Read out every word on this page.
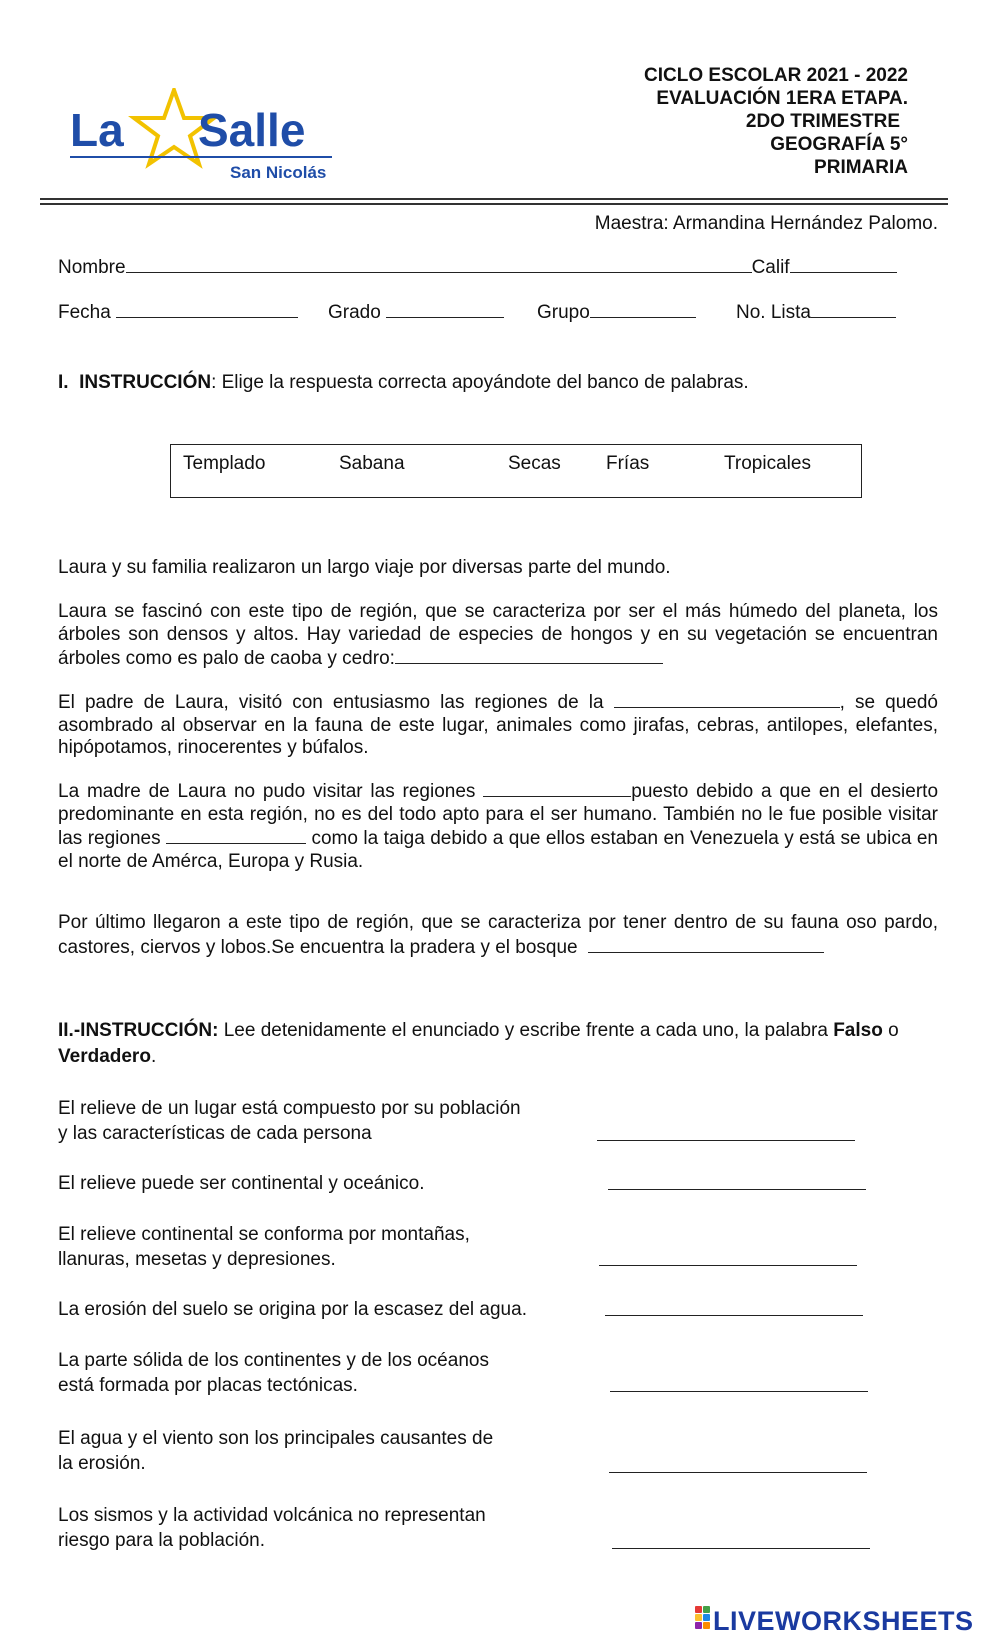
La Salle
San Nicolás
CICLO ESCOLAR 2021 - 2022
EVALUACIÓN 1ERA ETAPA.
2DO TRIMESTRE
GEOGRAFÍA 5°
PRIMARIA
Maestra: Armandina Hernández Palomo.
Nombre	Calif
Fecha	Grado	Grupo	No. Lista
I. INSTRUCCIÓN: Elige la respuesta correcta apoyándote del banco de palabras.
Templado	Sabana	Secas Frías	Tropicales
Laura y su familia realizaron un largo viaje por diversas parte del mundo.
Laura se fascinó con este tipo de región, que se caracteriza por ser el más húmedo del planeta, los árboles son densos y altos. Hay variedad de especies de hongos y en su vegetación se encuentran árboles como es palo de caoba y cedro:
El padre de Laura, visitó con entusiasmo las regiones de la	, se quedó asombrado al observar en la fauna de este lugar, animales como jirafas, cebras, antilopes, elefantes, hipópotamos, rinocerentes y búfalos.
La madre de Laura no pudo visitar las regiones	puesto debido a que en el desierto predominante en esta región, no es del todo apto para el ser humano. También no le fue posible visitar las regiones	como la taiga debido a que ellos estaban en Venezuela y está se ubica en el norte de Amérca, Europa y Rusia.
Por último llegaron a este tipo de región, que se caracteriza por tener dentro de su fauna oso pardo, castores, ciervos y lobos.Se encuentra la pradera y el bosque
II.-INSTRUCCIÓN: Lee detenidamente el enunciado y escribe frente a cada uno, la palabra Falso o Verdadero.
El relieve de un lugar está compuesto por su población
y las características de cada persona
El relieve puede ser continental y oceánico.
El relieve continental se conforma por montañas,
llanuras, mesetas y depresiones.
La erosión del suelo se origina por la escasez del agua.
La parte sólida de los continentes y de los océanos
está formada por placas tectónicas.
El agua y el viento son los principales causantes de
la erosión.
Los sismos y la actividad volcánica no representan
riesgo para la población.
LIVEWORKSHEETS
